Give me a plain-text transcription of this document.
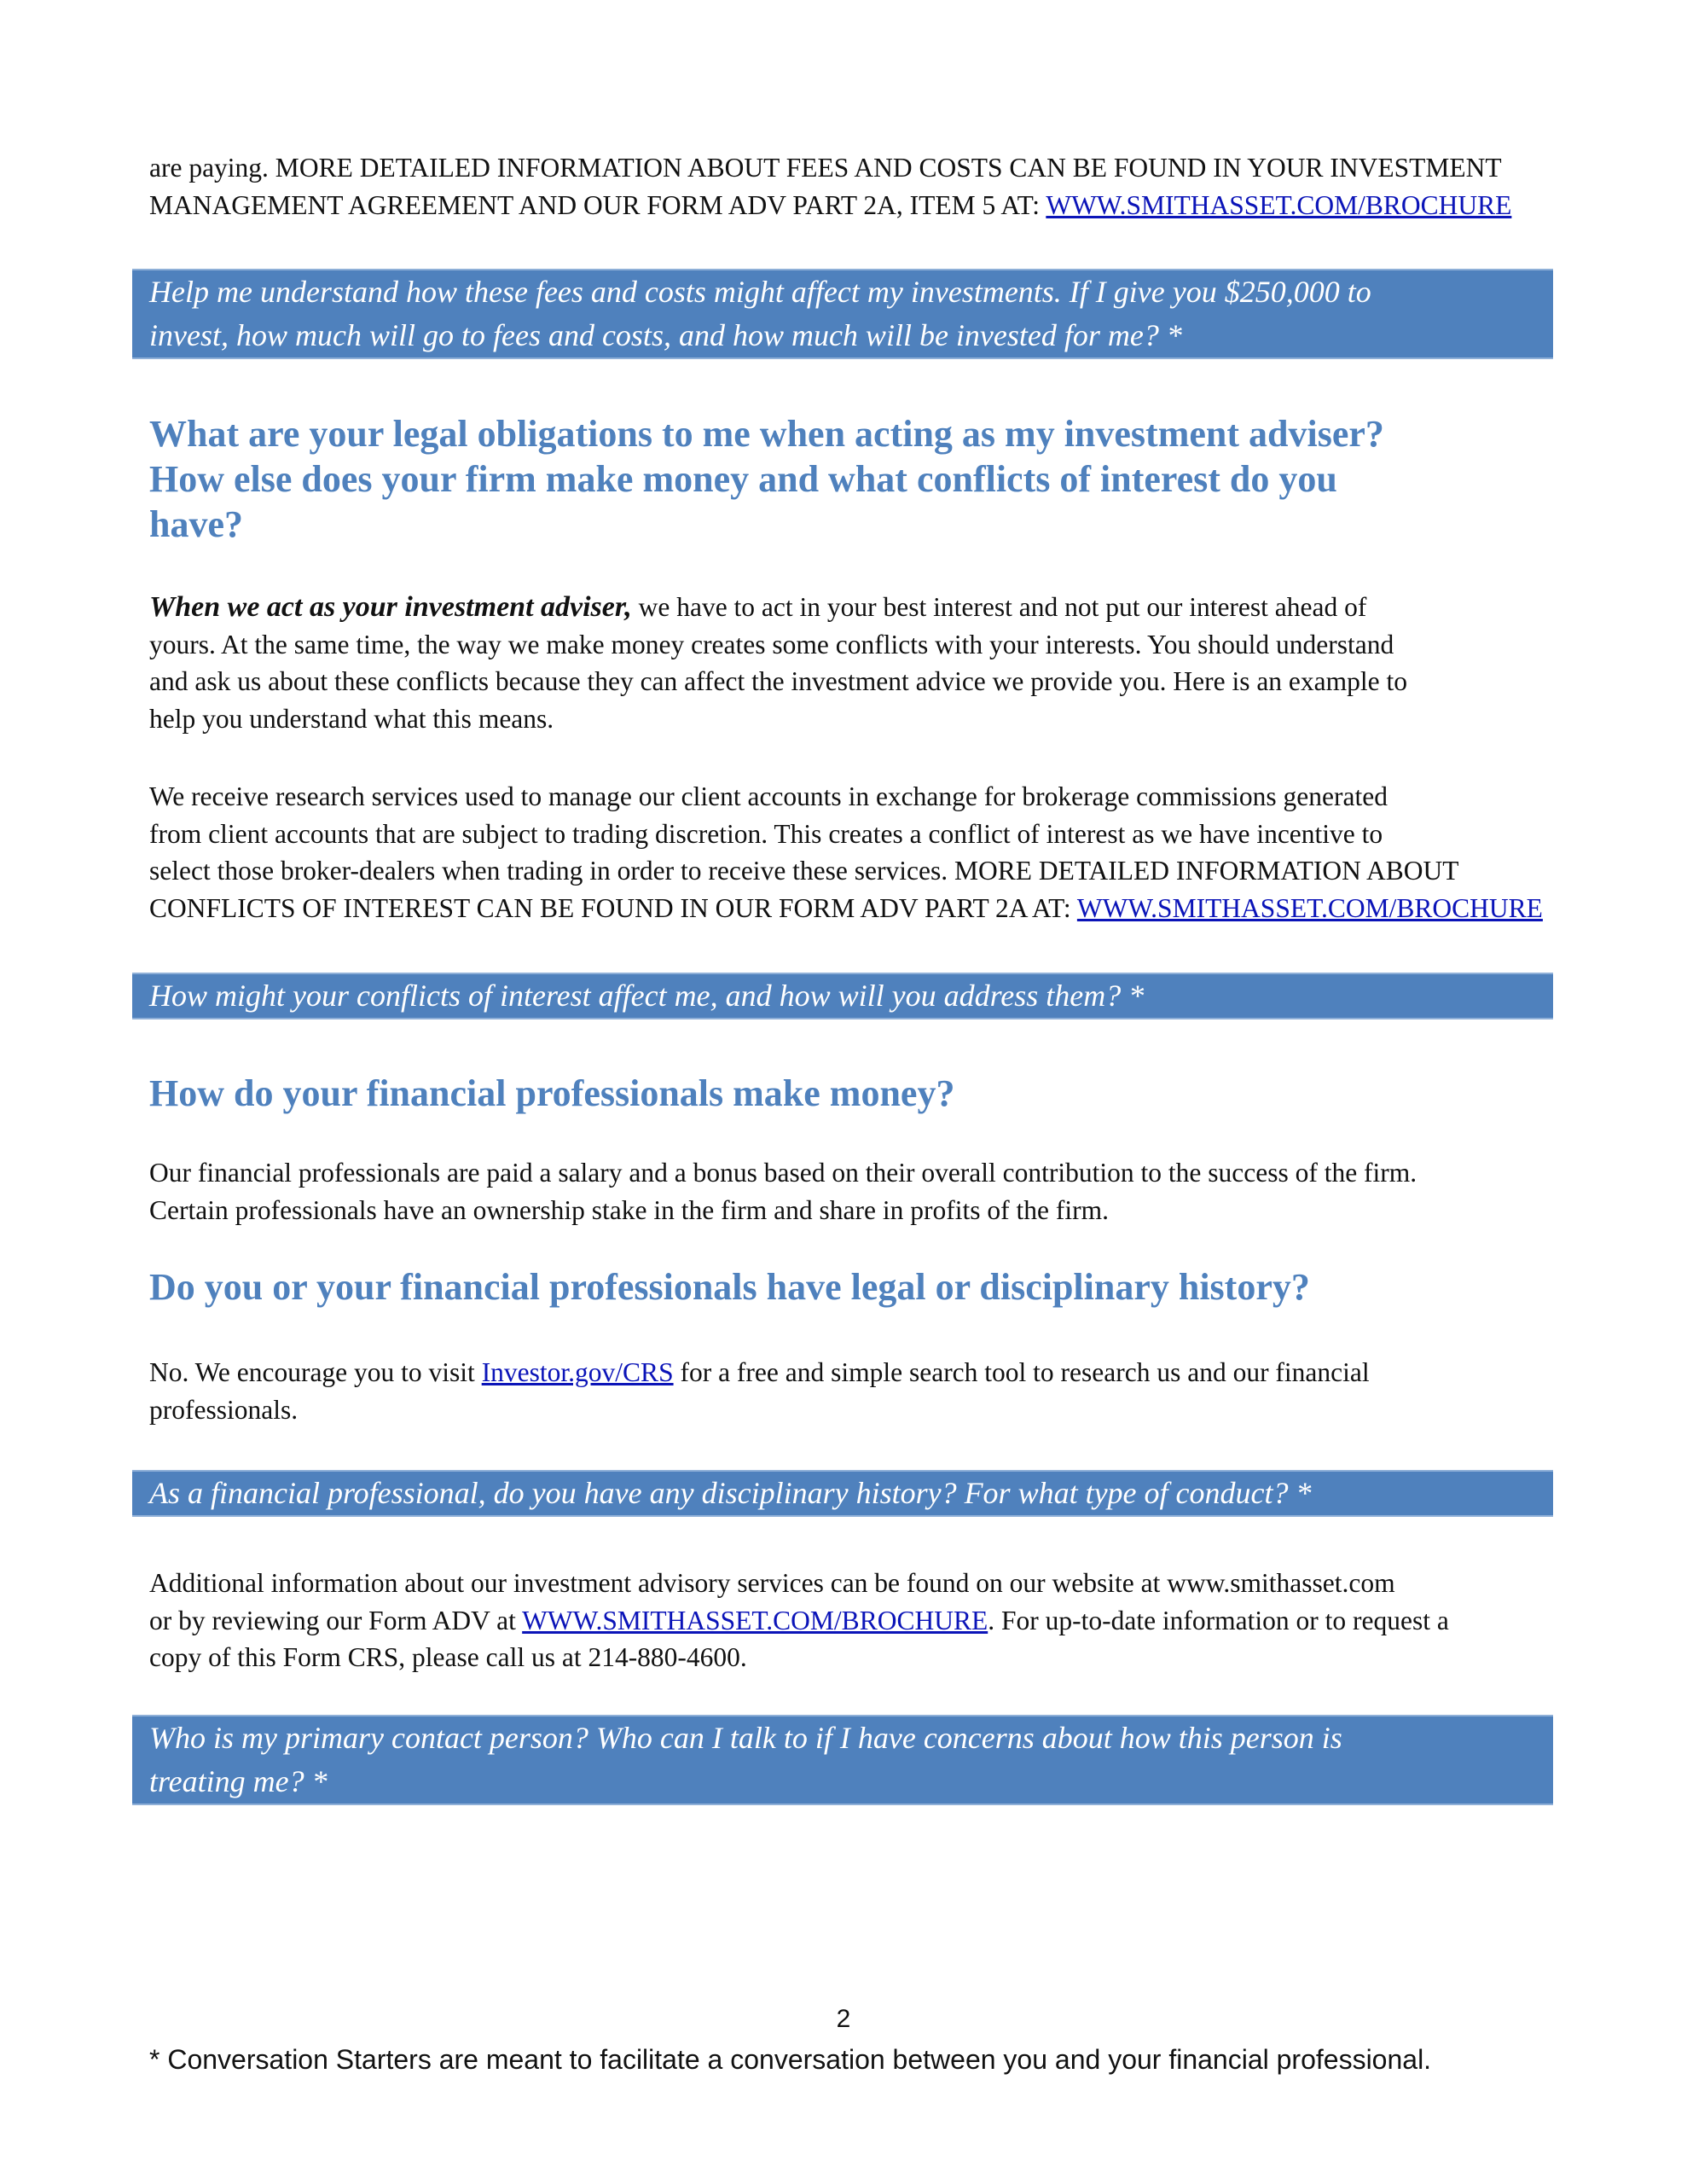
are paying. MORE DETAILED INFORMATION ABOUT FEES AND COSTS CAN BE FOUND IN YOUR INVESTMENT

MANAGEMENT AGREEMENT AND OUR FORM ADV PART 2A, ITEM 5 AT: WWW.SMITHASSET.COM/BROCHURE

Help me understand how these fees and costs might affect my investments. If I give you $250,000 to
invest, how much will go to fees and costs, and how much will be invested for me? *
What are your legal obligations to me when acting as my investment adviser?
How else does your firm make money and what conflicts of interest do you
have?

When we act as your investment adviser, we have to act in your best interest and not put our interest ahead of

yours. At the same time, the way we make money creates some conflicts with your interests. You should understand

and ask us about these conflicts because they can affect the investment advice we provide you. Here is an example to

help you understand what this means.

We receive research services used to manage our client accounts in exchange for brokerage commissions generated

from client accounts that are subject to trading discretion. This creates a conflict of interest as we have incentive to

select those broker-dealers when trading in order to receive these services. MORE DETAILED INFORMATION ABOUT

CONFLICTS OF INTEREST CAN BE FOUND IN OUR FORM ADV PART 2A AT: WWW.SMITHASSET.COM/BROCHURE

How might your conflicts of interest affect me, and how will you address them? *
How do your financial professionals make money?

Our financial professionals are paid a salary and a bonus based on their overall contribution to the success of the firm.

Certain professionals have an ownership stake in the firm and share in profits of the firm.

Do you or your financial professionals have legal or disciplinary history?

No. We encourage you to visit Investor.gov/CRS for a free and simple search tool to research us and our financial

professionals.

As a financial professional, do you have any disciplinary history? For what type of conduct? *

Additional information about our investment advisory services can be found on our website at www.smithasset.com

or by reviewing our Form ADV at WWW.SMITHASSET.COM/BROCHURE. For up-to-date information or to request a

copy of this Form CRS, please call us at 214-880-4600.

Who is my primary contact person? Who can I talk to if I have concerns about how this person is
treating me? *
2
* Conversation Starters are meant to facilitate a conversation between you and your financial professional.
